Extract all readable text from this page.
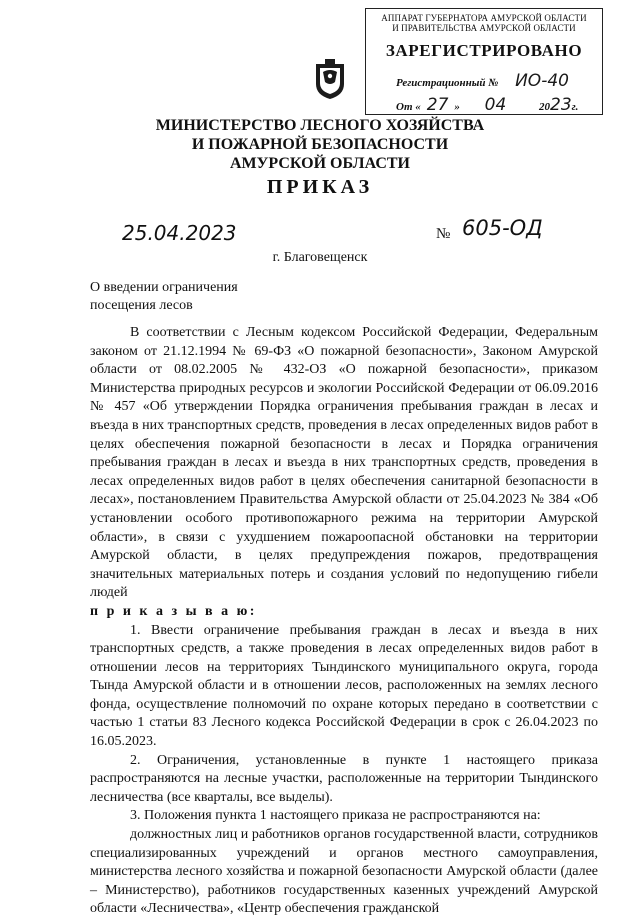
АППАРАТ ГУБЕРНАТОРА АМУРСКОЙ ОБЛАСТИ
И ПРАВИТЕЛЬСТВА АМУРСКОЙ ОБЛАСТИ
ЗАРЕГИСТРИРОВАНО
Регистрационный № ИО-40
От « 27 » 04	2023г.
МИНИСТЕРСТВО ЛЕСНОГО ХОЗЯЙСТВА
И ПОЖАРНОЙ БЕЗОПАСНОСТИ
АМУРСКОЙ ОБЛАСТИ
ПРИКАЗ
25.04.2023	№ 605-ОД
г. Благовещенск
О введении ограничения
посещения лесов

В соответствии с Лесным кодексом Российской Федерации, Федеральным законом от 21.12.1994 № 69-ФЗ «О пожарной безопасности», Законом Амурской области от 08.02.2005 № 432-ОЗ «О пожарной безопасности», приказом Министерства природных ресурсов и экологии Российской Федерации от 06.09.2016 № 457 «Об утверждении Порядка ограничения пребывания граждан в лесах и въезда в них транспортных средств, проведения в лесах определенных видов работ в целях обеспечения пожарной безопасности в лесах и Порядка ограничения пребывания граждан в лесах и въезда в них транспортных средств, проведения в лесах определенных видов работ в целях обеспечения санитарной безопасности в лесах», постановлением Правительства Амурской области от 25.04.2023 № 384 «Об установлении особого противопожарного режима на территории Амурской области», в связи с ухудшением пожароопасной обстановки на территории Амурской области, в целях предупреждения пожаров, предотвращения значительных материальных потерь и создания условий по недопущению гибели людей

п р и к а з ы в а ю:

1. Ввести ограничение пребывания граждан в лесах и въезда в них транспортных средств, а также проведения в лесах определенных видов работ в отношении лесов на территориях Тындинского муниципального округа, города Тында Амурской области и в отношении лесов, расположенных на землях лесного фонда, осуществление полномочий по охране которых передано в соответствии с частью 1 статьи 83 Лесного кодекса Российской Федерации в срок с 26.04.2023 по 16.05.2023.

2. Ограничения, установленные в пункте 1 настоящего приказа распространяются на лесные участки, расположенные на территории Тындинского лесничества (все кварталы, все выделы).

3. Положения пункта 1 настоящего приказа не распространяются на:

должностных лиц и работников органов государственной власти, сотрудников специализированных учреждений и органов местного самоуправления, министерства лесного хозяйства и пожарной безопасности Амурской области (далее – Министерство), работников государственных казенных учреждений Амурской области «Лесничества», «Центр обеспечения гражданской
